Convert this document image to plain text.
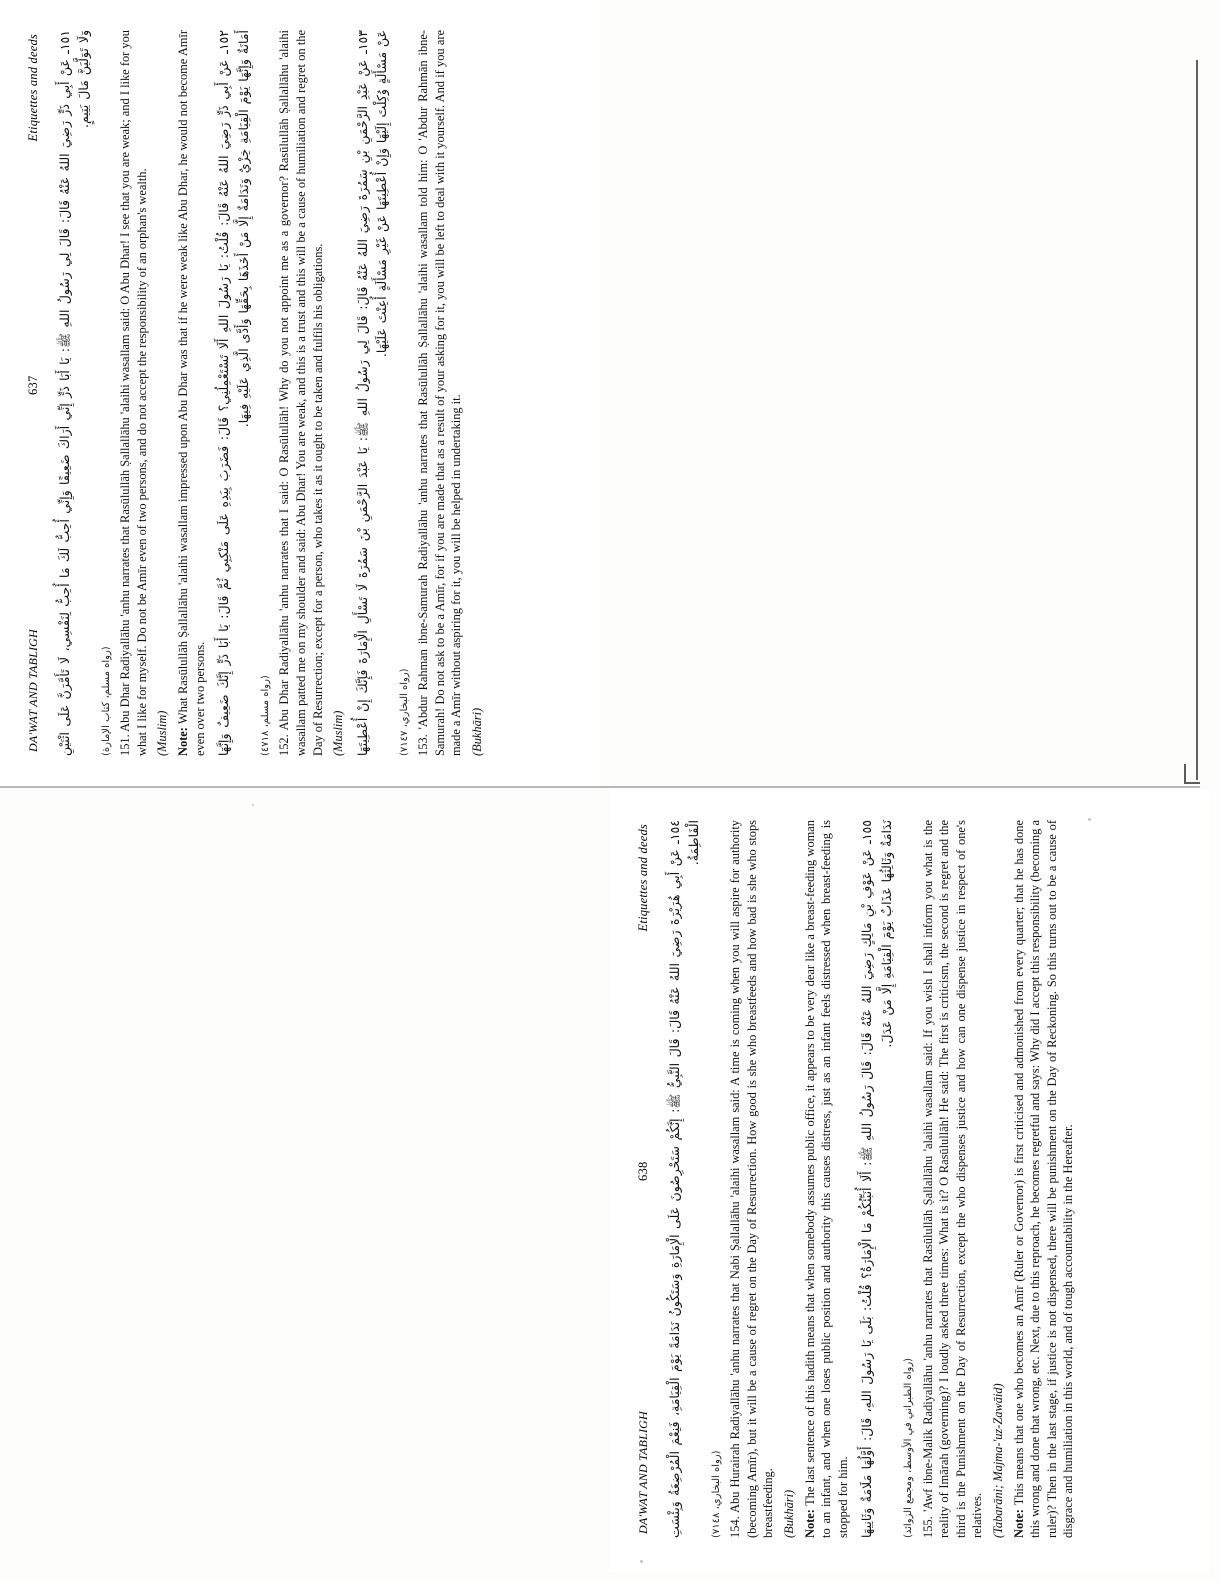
DA'WAT AND TABLIGH
637
Etiquettes and deeds ١٥١ـ عَنْ أَبِي ذَرٍّ رَضِيَ اللهُ عَنْهُ قَالَ: قَالَ لِي رَسُولُ اللهِ ﷺ: يَا أَبَا ذَرٍّ إِنِّي أَرَاكَ ضَعِيفًا وَإِنِّي أُحِبُّ لَكَ مَا أُحِبُّ لِنَفْسِي، لَا تَأَمَّرَنَّ عَلَى اثْنَيْنِ وَلَا تَوَلَّيَنَّ مَالَ يَتِيمٍ.
(رواه مسلم، كتاب الإمارة) 151. Abu Dhar Radiyallāhu 'anhu narrates that Rasūlullāh Ṣallallāhu 'alaihi wasallam said: O Abu Dhar! I see that you are weak; and I like for you what I like for myself. Do not be Amīr even of two persons, and do not accept the responsibility of an orphan's wealth. (Muslim) Note: What Rasūlullāh Ṣallallāhu 'alaihi wasallam impressed upon Abu Dhar was that if he were weak like Abu Dhar, he would not become Amīr even over two persons. ١٥٢ـ عَنْ أَبِي ذَرٍّ رَضِيَ اللهُ عَنْهُ قَالَ: قُلْتُ: يَا رَسُولَ اللهِ أَلَا تَسْتَعْمِلُنِي؟ قَالَ: فَضَرَبَ بِيَدِهِ عَلَى مَنْكِبِي ثُمَّ قَالَ: يَا أَبَا ذَرٍّ إِنَّكَ ضَعِيفٌ وَإِنَّهَا أَمَانَةٌ وَإِنَّهَا يَوْمَ الْقِيَامَةِ خِزْيٌ وَنَدَامَةٌ إِلَّا مَنْ أَخَذَهَا بِحَقِّهَا وَأَدَّى الَّذِي عَلَيْهِ فِيهَا.
(رواه مسلم، ٤٧١٨) 152. Abu Dhar Radiyallāhu 'anhu narrates that I said: O Rasūlullāh! Why do you not appoint me as a governor? Rasūlullāh Ṣallallāhu 'alaihi wasallam patted me on my shoulder and said: Abu Dhar! You are weak, and this is a trust and this will be a cause of humiliation and regret on the Day of Resurrection; except for a person, who takes it as it ought to be taken and fulfils his obligations. (Muslim) ١٥٣ـ عَنْ عَبْدِ الرَّحْمَنِ بْنِ سَمُرَةَ رَضِيَ اللهُ عَنْهُ قَالَ: قَالَ لِي رَسُولُ اللهِ ﷺ: يَا عَبْدَ الرَّحْمَنِ بْنَ سَمُرَةَ لَا تَسْأَلِ الْإِمَارَةَ فَإِنَّكَ إِنْ أُعْطِيتَهَا عَنْ مَسْأَلَةٍ وُكِلْتَ إِلَيْهَا وَإِنْ أُعْطِيتَهَا عَنْ غَيْرِ مَسْأَلَةٍ أُعِنْتَ عَلَيْهَا.
(رواه البخاري، ٧١٤٧) 153. 'Abdur Rahman ibne-Samurah Radiyallāhu 'anhu narrates that Rasūlullāh Ṣallallāhu 'alaihi wasallam told him: O 'Abdur Rahmān ibne-Samurah! Do not ask to be a Amīr, for if you are made that as a result of your asking for it, you will be left to deal with it yourself. And if you are made a Amīr without aspiring for it, you will be helped in undertaking it. (Bukhāri)

DA'WAT AND TABLIGH
638
Etiquettes and deeds ١٥٤ـ عَنْ أَبِي هُرَيْرَةَ رَضِيَ اللهُ عَنْهُ قَالَ: قَالَ النَّبِيُّ ﷺ: إِنَّكُمْ سَتَحْرِصُونَ عَلَى الْإِمَارَةِ وَسَتَكُونُ نَدَامَةً يَوْمَ الْقِيَامَةِ، فَنِعْمَ الْمُرْضِعَةُ وَبِئْسَتِ الْفَاطِمَةُ.
(رواه البخاري، ٧١٤٨) 154. Abu Hurairah Radiyallāhu 'anhu narrates that Nabi Ṣallallāhu 'alaihi wasallam said: A time is coming when you will aspire for authority (becoming Amīr), but it will be a cause of regret on the Day of Resurrection. How good is she who breastfeeds and how bad is she who stops breastfeeding. (Bukhāri) Note: The last sentence of this hadith means that when somebody assumes public office, it appears to be very dear like a breast-feeding woman to an infant, and when one loses public position and authority this causes distress, just as an infant feels distressed when breast-feeding is stopped for him. ١٥٥ـ عَنْ عَوْفِ بْنِ مَالِكٍ رَضِيَ اللهُ عَنْهُ قَالَ: قَالَ رَسُولُ اللهِ ﷺ: أَلَا أُنَبِّئُكُمْ مَا الْإِمَارَةُ؟ قُلْتُ: بَلَى يَا رَسُولَ اللهِ، قَالَ: أَوَّلُهَا مَلَامَةٌ وَثَانِيهَا نَدَامَةٌ وَثَالِثُهَا عَذَابٌ يَوْمَ الْقِيَامَةِ إِلَّا مَنْ عَدَلَ.
(رواه الطبراني في الأوسط، ومجمع الزوائد) 155. 'Awf ibne-Malik Radiyallāhu 'anhu narrates that Rasūlullāh Ṣallallāhu 'alaihi wasallam said: If you wish I shall inform you what is the reality of Imārah (governing)? I loudly asked three times: What is it? O Rasūlullāh! He said: The first is criticism, the second is regret and the third is the Punishment on the Day of Resurrection, except the who dispenses justice and how can one dispense justice in respect of one's relatives. (Tabarāni; Majma-'uz-Zawāid) Note: This means that one who becomes an Amīr (Ruler or Governor) is first criticised and admonished from every quarter; that he has done this wrong and done that wrong, etc. Next, due to this reproach, he becomes regretful and says: Why did I accept this responsibility (becoming a ruler)? Then in the last stage, if justice is not dispensed, there will be punishment on the Day of Reckoning. So this turns out to be a cause of disgrace and humiliation in this world, and of tough accountability in the Hereafter.
